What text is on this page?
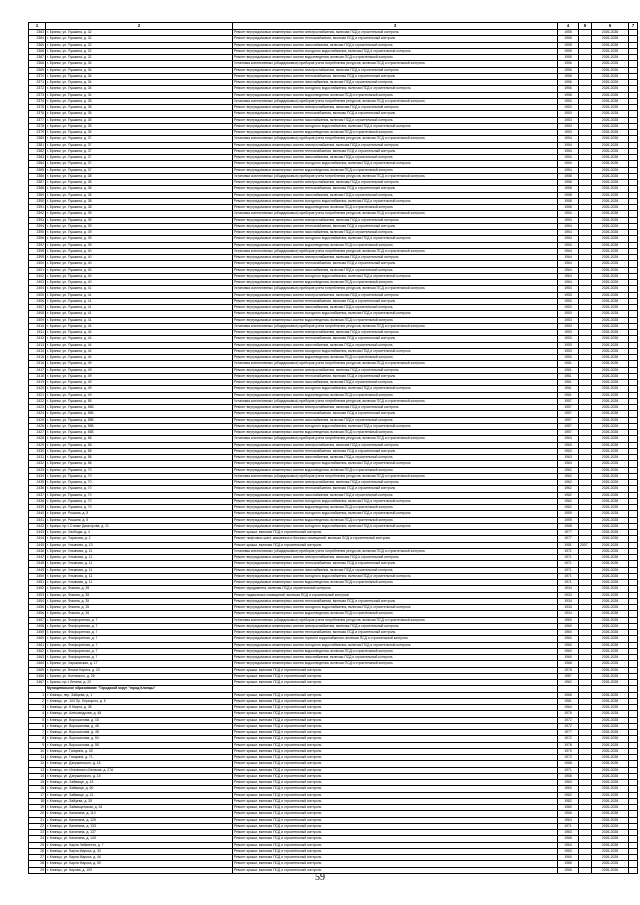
1	2	3	4	5	6	7
2363	г. Брянск, ул. Пушкина, д. 32	Ремонт внутридомовых инженерных систем электроснабжения, включая ПСД и строительный контроль	1955		2026-2028	
2364	г. Брянск, ул. Пушкина, д. 32	Ремонт внутридомовых инженерных систем теплоснабжения, включая ПСД и строительный контроль	1955		2026-2028	
2365	г. Брянск, ул. Пушкина, д. 32	Ремонт внутридомовых инженерных систем газоснабжения, включая ПСД и строительный контроль	1955		2026-2028	
2366	г. Брянск, ул. Пушкина, д. 32	Ремонт внутридомовых инженерных систем холодного водоснабжения, включая ПСД и строительный контроль	1955		2026-2028	
2367	г. Брянск, ул. Пушкина, д. 32	Ремонт внутридомовых инженерных систем водоотведения, включая ПСД и строительный контроль	1955		2026-2028	
2368	г. Брянск, ул. Пушкина, д. 34	Установка коллективных (общедомовых) приборов учета потребления ресурсов, включая ПСД и строительный контроль	1956		2026-2028	
2369	г. Брянск, ул. Пушкина, д. 34	Ремонт внутридомовых инженерных систем электроснабжения, включая ПСД и строительный контроль	1956		2026-2028	
2370	г. Брянск, ул. Пушкина, д. 34	Ремонт внутридомовых инженерных систем теплоснабжения, включая ПСД и строительный контроль	1956		2026-2028	
2371	г. Брянск, ул. Пушкина, д. 34	Ремонт внутридомовых инженерных систем газоснабжения, включая ПСД и строительный контроль	1956		2026-2028	
2372	г. Брянск, ул. Пушкина, д. 34	Ремонт внутридомовых инженерных систем холодного водоснабжения, включая ПСД и строительный контроль	1956		2026-2028	
2373	г. Брянск, ул. Пушкина, д. 34	Ремонт внутридомовых инженерных систем водоотведения, включая ПСД и строительный контроль	1956		2026-2028	
2374	г. Брянск, ул. Пушкина, д. 35	Установка коллективных (общедомовых) приборов учета потребления ресурсов, включая ПСД и строительный контроль	1953		2026-2028	
2375	г. Брянск, ул. Пушкина, д. 35	Ремонт внутридомовых инженерных систем электроснабжения, включая ПСД и строительный контроль	1953		2026-2028	
2376	г. Брянск, ул. Пушкина, д. 35	Ремонт внутридомовых инженерных систем теплоснабжения, включая ПСД и строительный контроль	1953		2026-2028	
2377	г. Брянск, ул. Пушкина, д. 35	Ремонт внутридомовых инженерных систем газоснабжения, включая ПСД и строительный контроль	1953		2026-2028	
2378	г. Брянск, ул. Пушкина, д. 35	Ремонт внутридомовых инженерных систем холодного водоснабжения, включая ПСД и строительный контроль	1953		2026-2028	
2379	г. Брянск, ул. Пушкина, д. 35	Ремонт внутридомовых инженерных систем водоотведения, включая ПСД и строительный контроль	1953		2026-2028	
2380	г. Брянск, ул. Пушкина, д. 37	Установка коллективных (общедомовых) приборов учета потребления ресурсов, включая ПСД и строительный контроль	1954		2026-2028	
2381	г. Брянск, ул. Пушкина, д. 37	Ремонт внутридомовых инженерных систем электроснабжения, включая ПСД и строительный контроль	1954		2026-2028	
2382	г. Брянск, ул. Пушкина, д. 37	Ремонт внутридомовых инженерных систем теплоснабжения, включая ПСД и строительный контроль	1954		2026-2028	
2383	г. Брянск, ул. Пушкина, д. 37	Ремонт внутридомовых инженерных систем газоснабжения, включая ПСД и строительный контроль	1954		2026-2028	
2384	г. Брянск, ул. Пушкина, д. 37	Ремонт внутридомовых инженерных систем холодного водоснабжения, включая ПСД и строительный контроль	1954		2026-2028	
2385	г. Брянск, ул. Пушкина, д. 37	Ремонт внутридомовых инженерных систем водоотведения, включая ПСД и строительный контроль	1954		2026-2028	
2386	г. Брянск, ул. Пушкина, д. 38	Установка коллективных (общедомовых) приборов учета потребления ресурсов, включая ПСД и строительный контроль	1958		2026-2028	
2387	г. Брянск, ул. Пушкина, д. 38	Ремонт внутридомовых инженерных систем электроснабжения, включая ПСД и строительный контроль	1958		2026-2028	
2388	г. Брянск, ул. Пушкина, д. 38	Ремонт внутридомовых инженерных систем теплоснабжения, включая ПСД и строительный контроль	1958		2026-2028	
2389	г. Брянск, ул. Пушкина, д. 38	Ремонт внутридомовых инженерных систем газоснабжения, включая ПСД и строительный контроль	1958		2026-2028	
2390	г. Брянск, ул. Пушкина, д. 38	Ремонт внутридомовых инженерных систем холодного водоснабжения, включая ПСД и строительный контроль	1958		2026-2028	
2391	г. Брянск, ул. Пушкина, д. 38	Ремонт внутридомовых инженерных систем водоотведения, включая ПСД и строительный контроль	1958		2026-2028	
2392	г. Брянск, ул. Пушкина, д. 39	Установка коллективных (общедомовых) приборов учета потребления ресурсов, включая ПСД и строительный контроль	1954		2026-2028	
2393	г. Брянск, ул. Пушкина, д. 39	Ремонт внутридомовых инженерных систем электроснабжения, включая ПСД и строительный контроль	1954		2026-2028	
2394	г. Брянск, ул. Пушкина, д. 39	Ремонт внутридомовых инженерных систем теплоснабжения, включая ПСД и строительный контроль	1954		2026-2028	
2395	г. Брянск, ул. Пушкина, д. 39	Ремонт внутридомовых инженерных систем газоснабжения, включая ПСД и строительный контроль	1954		2026-2028	
2396	г. Брянск, ул. Пушкина, д. 39	Ремонт внутридомовых инженерных систем холодного водоснабжения, включая ПСД и строительный контроль	1954		2026-2028	
2397	г. Брянск, ул. Пушкина, д. 39	Ремонт внутридомовых инженерных систем водоотведения, включая ПСД и строительный контроль	1954		2026-2028	
2398	г. Брянск, ул. Пушкина, д. 40	Установка коллективных (общедомовых) приборов учета потребления ресурсов, включая ПСД и строительный контроль	1964		2026-2028	
2399	г. Брянск, ул. Пушкина, д. 40	Ремонт внутридомовых инженерных систем электроснабжения, включая ПСД и строительный контроль	1964		2026-2028	
2400	г. Брянск, ул. Пушкина, д. 40	Ремонт внутридомовых инженерных систем теплоснабжения, включая ПСД и строительный контроль	1964		2026-2028	
2401	г. Брянск, ул. Пушкина, д. 40	Ремонт внутридомовых инженерных систем газоснабжения, включая ПСД и строительный контроль	1964		2026-2028	
2402	г. Брянск, ул. Пушкина, д. 40	Ремонт внутридомовых инженерных систем холодного водоснабжения, включая ПСД и строительный контроль	1964		2026-2028	
2403	г. Брянск, ул. Пушкина, д. 40	Ремонт внутридомовых инженерных систем водоотведения, включая ПСД и строительный контроль	1964		2026-2028	
2404	г. Брянск, ул. Пушкина, д. 41	Установка коллективных (общедомовых) приборов учета потребления ресурсов, включая ПСД и строительный контроль	1953		2026-2028	
2405	г. Брянск, ул. Пушкина, д. 41	Ремонт внутридомовых инженерных систем электроснабжения, включая ПСД и строительный контроль	1953		2026-2028	
2406	г. Брянск, ул. Пушкина, д. 41	Ремонт внутридомовых инженерных систем теплоснабжения, включая ПСД и строительный контроль	1953		2026-2028	
2407	г. Брянск, ул. Пушкина, д. 41	Ремонт внутридомовых инженерных систем газоснабжения, включая ПСД и строительный контроль	1953		2026-2028	
2408	г. Брянск, ул. Пушкина, д. 41	Ремонт внутридомовых инженерных систем холодного водоснабжения, включая ПСД и строительный контроль	1953		2026-2028	
2409	г. Брянск, ул. Пушкина, д. 41	Ремонт внутридомовых инженерных систем водоотведения, включая ПСД и строительный контроль	1953		2026-2028	
2410	г. Брянск, ул. Пушкина, д. 44	Установка коллективных (общедомовых) приборов учета потребления ресурсов, включая ПСД и строительный контроль	1953		2026-2028	
2411	г. Брянск, ул. Пушкина, д. 44	Ремонт внутридомовых инженерных систем электроснабжения, включая ПСД и строительный контроль	1953		2026-2028	
2412	г. Брянск, ул. Пушкина, д. 44	Ремонт внутридомовых инженерных систем теплоснабжения, включая ПСД и строительный контроль	1953		2026-2028	
2413	г. Брянск, ул. Пушкина, д. 44	Ремонт внутридомовых инженерных систем газоснабжения, включая ПСД и строительный контроль	1953		2026-2028	
2414	г. Брянск, ул. Пушкина, д. 44	Ремонт внутридомовых инженерных систем холодного водоснабжения, включая ПСД и строительный контроль	1953		2026-2028	
2415	г. Брянск, ул. Пушкина, д. 44	Ремонт внутридомовых инженерных систем водоотведения, включая ПСД и строительный контроль	1953		2026-2028	
2416	г. Брянск, ул. Пушкина, д. 49	Установка коллективных (общедомовых) приборов учета потребления ресурсов, включая ПСД и строительный контроль	1961		2026-2028	
2417	г. Брянск, ул. Пушкина, д. 49	Ремонт внутридомовых инженерных систем электроснабжения, включая ПСД и строительный контроль	1961		2026-2028	
2418	г. Брянск, ул. Пушкина, д. 49	Ремонт внутридомовых инженерных систем теплоснабжения, включая ПСД и строительный контроль	1961		2026-2028	
2419	г. Брянск, ул. Пушкина, д. 49	Ремонт внутридомовых инженерных систем газоснабжения, включая ПСД и строительный контроль	1961		2026-2028	
2420	г. Брянск, ул. Пушкина, д. 49	Ремонт внутридомовых инженерных систем холодного водоснабжения, включая ПСД и строительный контроль	1961		2026-2028	
2421	г. Брянск, ул. Пушкина, д. 49	Ремонт внутридомовых инженерных систем водоотведения, включая ПСД и строительный контроль	1961		2026-2028	
2422	г. Брянск, ул. Пушкина, д. 55	Установка коллективных (общедомовых) приборов учета потребления ресурсов, включая ПСД и строительный контроль	1957		2026-2028	
2423	г. Брянск, ул. Пушкина, д. 55Б	Ремонт внутридомовых инженерных систем электроснабжения, включая ПСД и строительный контроль	1957		2026-2028	
2424	г. Брянск, ул. Пушкина, д. 55Б	Ремонт внутридомовых инженерных систем теплоснабжения, включая ПСД и строительный контроль	1957		2026-2028	
2425	г. Брянск, ул. Пушкина, д. 55Б	Ремонт внутридомовых инженерных систем газоснабжения, включая ПСД и строительный контроль	1957		2026-2028	
2426	г. Брянск, ул. Пушкина, д. 55Б	Ремонт внутридомовых инженерных систем холодного водоснабжения, включая ПСД и строительный контроль	1957		2026-2028	
2427	г. Брянск, ул. Пушкина, д. 55Б	Ремонт внутридомовых инженерных систем водоотведения, включая ПСД и строительный контроль	1957		2026-2028	
2428	г. Брянск, ул. Пушкина, д. 58	Установка коллективных (общедомовых) приборов учета потребления ресурсов, включая ПСД и строительный контроль	1963		2026-2028	
2429	г. Брянск, ул. Пушкина, д. 58	Ремонт внутридомовых инженерных систем электроснабжения, включая ПСД и строительный контроль	1963		2026-2028	
2430	г. Брянск, ул. Пушкина, д. 58	Ремонт внутридомовых инженерных систем теплоснабжения, включая ПСД и строительный контроль	1963		2026-2028	
2431	г. Брянск, ул. Пушкина, д. 58	Ремонт внутридомовых инженерных систем газоснабжения, включая ПСД и строительный контроль	1963		2026-2028	
2432	г. Брянск, ул. Пушкина, д. 58	Ремонт внутридомовых инженерных систем холодного водоснабжения, включая ПСД и строительный контроль	1963		2026-2028	
2433	г. Брянск, ул. Пушкина, д. 70	Ремонт внутридомовых инженерных систем водоотведения, включая ПСД и строительный контроль	1962		2026-2028	
2434	г. Брянск, ул. Пушкина, д. 70	Установка коллективных (общедомовых) приборов учета потребления ресурсов, включая ПСД и строительный контроль	1962		2026-2028	
2435	г. Брянск, ул. Пушкина, д. 70	Ремонт внутридомовых инженерных систем электроснабжения, включая ПСД и строительный контроль	1962		2026-2028	
2436	г. Брянск, ул. Пушкина, д. 70	Ремонт внутридомовых инженерных систем теплоснабжения, включая ПСД и строительный контроль	1962		2026-2028	
2437	г. Брянск, ул. Пушкина, д. 70	Ремонт внутридомовых инженерных систем газоснабжения, включая ПСД и строительный контроль	1962		2026-2028	
2438	г. Брянск, ул. Пушкина, д. 70	Ремонт внутридомовых инженерных систем холодного водоснабжения, включая ПСД и строительный контроль	1962		2026-2028	
2439	г. Брянск, ул. Пушкина, д. 70	Ремонт внутридомовых инженерных систем водоотведения, включая ПСД и строительный контроль	1962		2026-2028	
2440	г. Брянск, ул. Рошаля, д. 5	Ремонт внутридомовых инженерных систем холодного водоснабжения, включая ПСД и строительный контроль	1959		2026-2028	
2441	г. Брянск, ул. Рошаля, д. 5	Ремонт внутридомовых инженерных систем водоотведения, включая ПСД и строительный контроль	1959		2026-2028	
2442	г. Брянск, пр-т Станке Димитрова, д. 21	Ремонт внутридомовых инженерных систем холодного водоснабжения, включая ПСД и строительный контроль	1968		2026-2028	
2443	г. Брянск, ул. Свободы, д. 4	Ремонт крыши, включая ПСД и строительный контроль	1977		2026-2028	
2444	г. Брянск, ул. Тарасова, д. 2	Ремонт лифтовых шахт, машинных и блочных помещений, включая ПСД и строительный контроль	1977		2026-2028	
2445	г. Брянск, ул. Ульянова, д. 13	Ремонт крыши, включая ПСД и строительный контроль	1951	2007	2026-2028	
2446	г. Брянск, ул. Ульянова, д. 11	Установка коллективных (общедомовых) приборов учета потребления ресурсов, включая ПСД и строительный контроль	1971		2026-2028	
2447	г. Брянск, ул. Ульянова, д. 11	Ремонт внутридомовых инженерных систем электроснабжения, включая ПСД и строительный контроль	1971		2026-2028	
2448	г. Брянск, ул. Ульянова, д. 11	Ремонт внутридомовых инженерных систем теплоснабжения, включая ПСД и строительный контроль	1971		2026-2028	
2449	г. Брянск, ул. Ульянова, д. 11	Ремонт внутридомовых инженерных систем газоснабжения, включая ПСД и строительный контроль	1971		2026-2028	
2450	г. Брянск, ул. Ульянова, д. 11	Ремонт внутридомовых инженерных систем холодного водоснабжения, включая ПСД и строительный контроль	1971		2026-2028	
2451	г. Брянск, ул. Ульянова, д. 11	Ремонт внутридомовых инженерных систем водоотведения, включая ПСД и строительный контроль	1971		2026-2028	
2452	г. Брянск, ул. Фокина, д. 35	Ремонт фундамента, включая ПСД и строительный контроль	1934		2026-2028	
2453	г. Брянск, ул. Фокина, д. 35	Ремонт подвальных помещений, включая ПСД и строительный контроль	1934		2026-2028	
2454	г. Брянск, ул. Фокина, д. 35	Ремонт внутридомовых инженерных систем теплоснабжения, включая ПСД и строительный контроль	1934		2026-2028	
2455	г. Брянск, ул. Фокина, д. 35	Ремонт внутридомовых инженерных систем холодного водоснабжения, включая ПСД и строительный контроль	1934		2026-2028	
2456	г. Брянск, ул. Фокина, д. 35	Ремонт внутридомовых инженерных систем водоотведения, включая ПСД и строительный контроль	1934		2026-2028	
2457	г. Брянск, ул. Фосфоритная, д. 7	Установка коллективных (общедомовых) приборов учета потребления ресурсов, включая ПСД и строительный контроль	1960		2026-2028	
2458	г. Брянск, ул. Фосфоритная, д. 7	Ремонт внутридомовых инженерных систем электроснабжения, включая ПСД и строительный контроль	1960		2026-2028	
2459	г. Брянск, ул. Фосфоритная, д. 7	Ремонт внутридомовых инженерных систем теплоснабжения, включая ПСД и строительный контроль	1960		2026-2028	
2460	г. Брянск, ул. Фосфоритная, д. 7	Ремонт внутридомовых инженерных систем горячего водоснабжения, включая ПСД и строительный контроль	1960		2026-2028	
2461	г. Брянск, ул. Фосфоритная, д. 7	Ремонт внутридомовых инженерных систем холодного водоснабжения, включая ПСД и строительный контроль	1960		2026-2028	
2462	г. Брянск, ул. Фосфоритная, д. 7	Ремонт внутридомовых инженерных систем водоотведения, включая ПСД и строительный контроль	1960		2026-2028	
2463	г. Брянск, ул. Фосфоритная, д. 7	Ремонт внутридомовых инженерных систем газоснабжения, включая ПСД и строительный контроль	1960		2026-2028	
2464	г. Брянск, ул. Харьковская, д. 17	Ремонт внутридомовых инженерных систем водоотведения, включая ПСД и строительный контроль	1968		2026-2028	
2465	г. Брянск, ул. Белые Берега, д. 23	Ремонт крыши, включая ПСД и строительный контроль	1976		2026-2028	
2466	г. Брянск, ул. Котовского, д. 26	Ремонт крыши, включая ПСД и строительный контроль	1987		2026-2028	
2467	г. Брянск, пр-т Ленина, д. 22	Ремонт крыши, включая ПСД и строительный контроль	1962		2026-2028	
	Муниципальное образование "Городской округ "город Клинцы"					
1	г. Клинцы, пер. Зайцева, д. 1	Ремонт крыши, включая ПСД и строительный контроль	1966		2026-2028	
2	г. Клинцы, ул. 100 Пр. борецкого, д. 5	Ремонт крыши, включая ПСД и строительный контроль	1961		2026-2028	
3	г. Клинцы, ул. 8 Марта, д. 38	Ремонт крыши, включая ПСД и строительный контроль	1964		2026-2028	
4	г. Клинцы, ул. Александрова, д. 48	Ремонт крыши, включая ПСД и строительный контроль	1975		2026-2028	
5	г. Клинцы, ул. Ворошилова, д. 15	Ремонт крыши, включая ПСД и строительный контроль	1972		2026-2028	
6	г. Клинцы, ул. Ворошилова, д. 46	Ремонт крыши, включая ПСД и строительный контроль	1972		2026-2028	
7	г. Клинцы, ул. Ворошилова, д. 48	Ремонт крыши, включая ПСД и строительный контроль	1977		2026-2028	
8	г. Клинцы, ул. Ворошилова, д. 54	Ремонт крыши, включая ПСД и строительный контроль	1972		2026-2028	
9	г. Клинцы, ул. Ворошилова, д. 58	Ремонт крыши, включая ПСД и строительный контроль	1976		2026-2028	
10	г. Клинцы, ул. Гагарина, д. 60	Ремонт крыши, включая ПСД и строительный контроль	1970		2026-2028	
11	г. Клинцы, ул. Гагарина, д. 71	Ремонт крыши, включая ПСД и строительный контроль	1972		2026-2028	
12	г. Клинцы, ул. Дзержинского, д. 16	Ремонт крыши, включая ПСД и строительный контроль	1968		2026-2028	
13	г. Клинцы, пл. Ильинского Беляков, д. 27А	Ремонт крыши, включая ПСД и строительный контроль	1971		2026-2028	
14	г. Клинцы, ул. Дзержинского, д. 15	Ремонт крыши, включая ПСД и строительный контроль	1968		2026-2028	
15	г. Клинцы, ул. Займище, д. 15	Ремонт крыши, включая ПСД и строительный контроль	1963		2026-2028	
16	г. Клинцы, ул. Займище, д. 60	Ремонт крыши, включая ПСД и строительный контроль	1960		2026-2028	
17	г. Клинцы, ул. Займище, д. 21	Ремонт крыши, включая ПСД и строительный контроль	1962		2026-2028	
18	г. Клинцы, ул. Зайцева, д. 35	Ремонт крыши, включая ПСД и строительный контроль	1982		2026-2028	
19	г. Клинцы, ул. Займищенская, д. 34	Ремонт крыши, включая ПСД и строительный контроль	1980		2026-2028	
20	г. Клинцы, ул. Калинина, д. 110	Ремонт крыши, включая ПСД и строительный контроль	1966		2026-2028	
21	г. Клинцы, ул. Калинина, д. 125	Ремонт крыши, включая ПСД и строительный контроль	1964		2026-2028	
22	г. Клинцы, ул. Калинина, д. 133	Ремонт крыши, включая ПСД и строительный контроль	1971		2026-2028	
23	г. Клинцы, ул. Калинина, д. 137	Ремонт крыши, включая ПСД и строительный контроль	1963		2026-2028	
24	г. Клинцы, ул. Калинина, д. 145	Ремонт крыши, включая ПСД и строительный контроль	1966		2026-2028	
25	г. Клинцы, ул. Карла Либкнехта, д. 7	Ремонт крыши, включая ПСД и строительный контроль	1964		2026-2028	
26	г. Клинцы, ул. Карла Маркса, д. 34	Ремонт крыши, включая ПСД и строительный контроль	1963		2026-2028	
27	г. Клинцы, ул. Карла Маркса, д. 46	Ремонт крыши, включая ПСД и строительный контроль	1960		2026-2028	
28	г. Клинцы, ул. Карла Маркса, д. 50	Ремонт крыши, включая ПСД и строительный контроль	1985		2026-2028	
29	г. Клинцы, ул. Кирова, д. 100	Ремонт крыши, включая ПСД и строительный контроль	1966		2026-2028	
59
